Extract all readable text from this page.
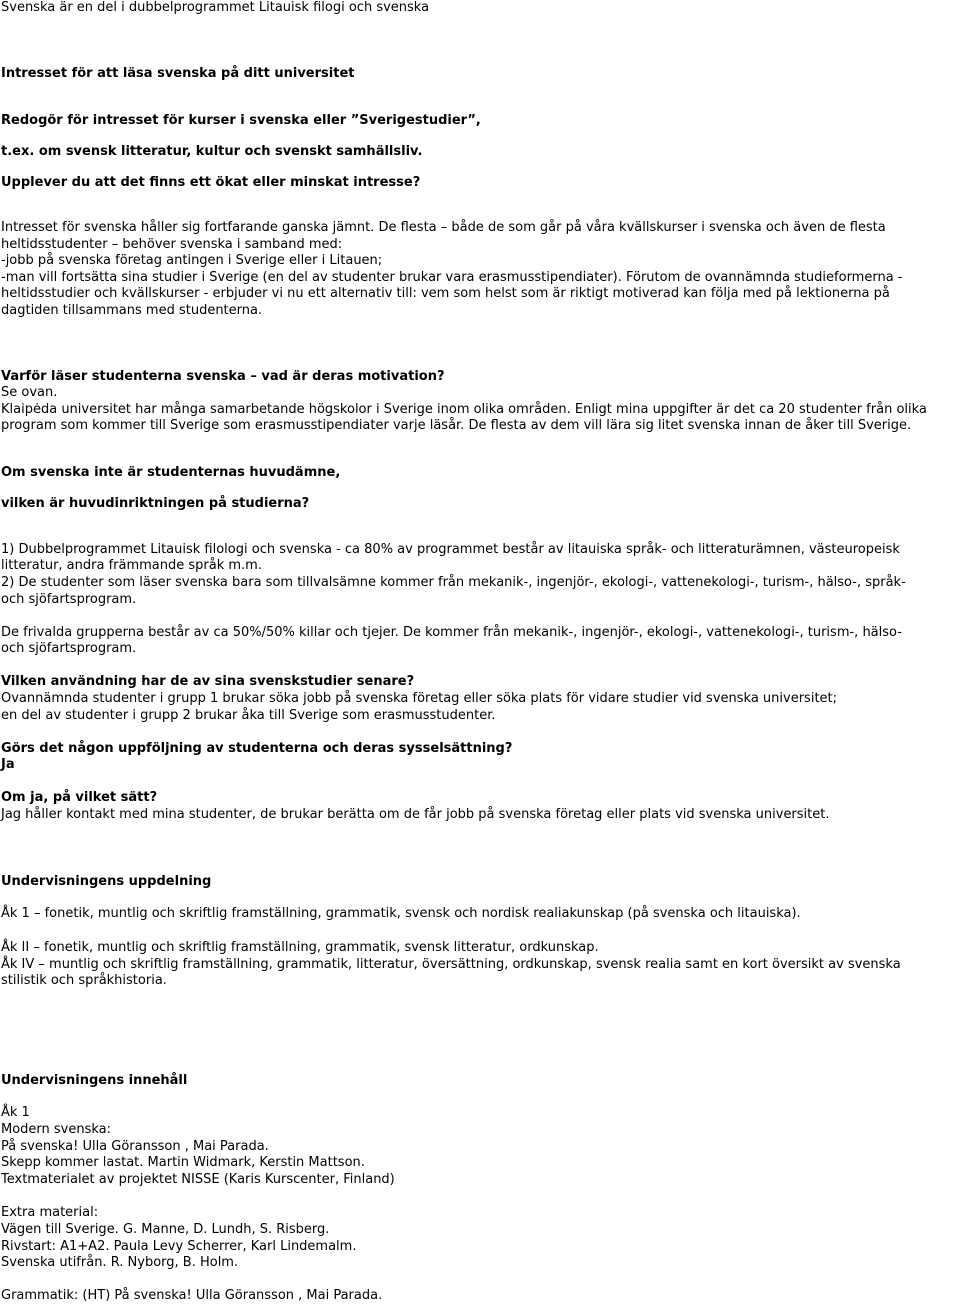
Svenska är en del i dubbelprogrammet Litauisk filogi och svenska
Intresset för att läsa svenska på ditt universitet
Redogör för intresset för kurser i svenska eller ”Sverigestudier”,
t.ex. om svensk litteratur, kultur och svenskt samhällsliv.
Upplever du att det finns ett ökat eller minskat intresse?
Intresset för svenska håller sig fortfarande ganska jämnt. De flesta – både de som går på våra kvällskurser i svenska och även de flesta
heltidsstudenter – behöver svenska i samband med:
-jobb på svenska företag antingen i Sverige eller i Litauen;
-man vill fortsätta sina studier i Sverige (en del av studenter brukar vara erasmusstipendiater). Förutom de ovannämnda studieformerna -
heltidsstudier och kvällskurser - erbjuder vi nu ett alternativ till: vem som helst som är riktigt motiverad kan följa med på lektionerna på
dagtiden tillsammans med studenterna.
Varför läser studenterna svenska – vad är deras motivation?
Se ovan.
Klaipėda universitet har många samarbetande högskolor i Sverige inom olika områden. Enligt mina uppgifter är det ca 20 studenter från olika
program som kommer till Sverige som erasmusstipendiater varje läsår. De flesta av dem vill lära sig litet svenska innan de åker till Sverige.
Om svenska inte är studenternas huvudämne,
vilken är huvudinriktningen på studierna?
1) Dubbelprogrammet Litauisk filologi och svenska - ca 80% av programmet består av litauiska språk- och litteraturämnen, västeuropeisk
litteratur, andra främmande språk m.m.
2) De studenter som läser svenska bara som tillvalsämne kommer från mekanik-, ingenjör-, ekologi-, vattenekologi-, turism-, hälso-, språk-
och sjöfartsprogram.
De frivalda grupperna består av ca 50%/50% killar och tjejer. De kommer från mekanik-, ingenjör-, ekologi-, vattenekologi-, turism-, hälso-
och sjöfartsprogram.
Vilken användning har de av sina svenskstudier senare?
Ovannämnda studenter i grupp 1 brukar söka jobb på svenska företag eller söka plats för vidare studier vid svenska universitet;
en del av studenter i grupp 2 brukar åka till Sverige som erasmusstudenter.
Görs det någon uppföljning av studenterna och deras sysselsättning?
Ja
Om ja, på vilket sätt?
Jag håller kontakt med mina studenter, de brukar berätta om de får jobb på svenska företag eller plats vid svenska universitet.
Undervisningens uppdelning
Åk 1 – fonetik, muntlig och skriftlig framställning, grammatik, svensk och nordisk realiakunskap (på svenska och litauiska).
Åk II – fonetik, muntlig och skriftlig framställning, grammatik, svensk litteratur, ordkunskap.
Åk IV – muntlig och skriftlig framställning, grammatik, litteratur, översättning, ordkunskap, svensk realia samt en kort översikt av svenska
stilistik och språkhistoria.
Undervisningens innehåll
Åk 1
Modern svenska:
På svenska! Ulla Göransson , Mai Parada.
Skepp kommer lastat. Martin Widmark, Kerstin Mattson.
Textmaterialet av projektet NISSE (Karis Kurscenter, Finland)
Extra material:
Vägen till Sverige. G. Manne, D. Lundh, S. Risberg.
Rivstart: A1+A2. Paula Levy Scherrer, Karl Lindemalm.
Svenska utifrån. R. Nyborg, B. Holm.
Grammatik: (HT) På svenska! Ulla Göransson , Mai Parada.
